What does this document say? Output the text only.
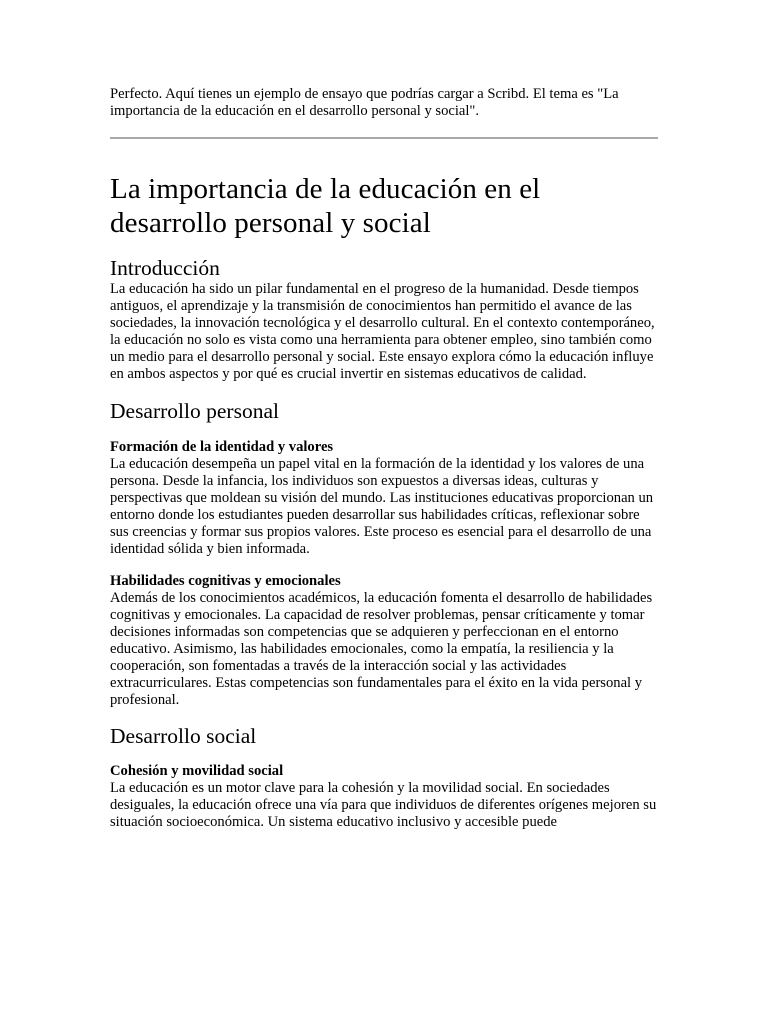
Perfecto. Aquí tienes un ejemplo de ensayo que podrías cargar a Scribd. El tema es "La importancia de la educación en el desarrollo personal y social".

La importancia de la educación en el desarrollo personal y social
Introducción

La educación ha sido un pilar fundamental en el progreso de la humanidad. Desde tiempos antiguos, el aprendizaje y la transmisión de conocimientos han permitido el avance de las sociedades, la innovación tecnológica y el desarrollo cultural. En el contexto contemporáneo, la educación no solo es vista como una herramienta para obtener empleo, sino también como un medio para el desarrollo personal y social. Este ensayo explora cómo la educación influye en ambos aspectos y por qué es crucial invertir en sistemas educativos de calidad.

Desarrollo personal
Formación de la identidad y valores

La educación desempeña un papel vital en la formación de la identidad y los valores de una persona. Desde la infancia, los individuos son expuestos a diversas ideas, culturas y perspectivas que moldean su visión del mundo. Las instituciones educativas proporcionan un entorno donde los estudiantes pueden desarrollar sus habilidades críticas, reflexionar sobre sus creencias y formar sus propios valores. Este proceso es esencial para el desarrollo de una identidad sólida y bien informada.

Habilidades cognitivas y emocionales

Además de los conocimientos académicos, la educación fomenta el desarrollo de habilidades cognitivas y emocionales. La capacidad de resolver problemas, pensar críticamente y tomar decisiones informadas son competencias que se adquieren y perfeccionan en el entorno educativo. Asimismo, las habilidades emocionales, como la empatía, la resiliencia y la cooperación, son fomentadas a través de la interacción social y las actividades extracurriculares. Estas competencias son fundamentales para el éxito en la vida personal y profesional.

Desarrollo social
Cohesión y movilidad social

La educación es un motor clave para la cohesión y la movilidad social. En sociedades desiguales, la educación ofrece una vía para que individuos de diferentes orígenes mejoren su situación socioeconómica. Un sistema educativo inclusivo y accesible puede
